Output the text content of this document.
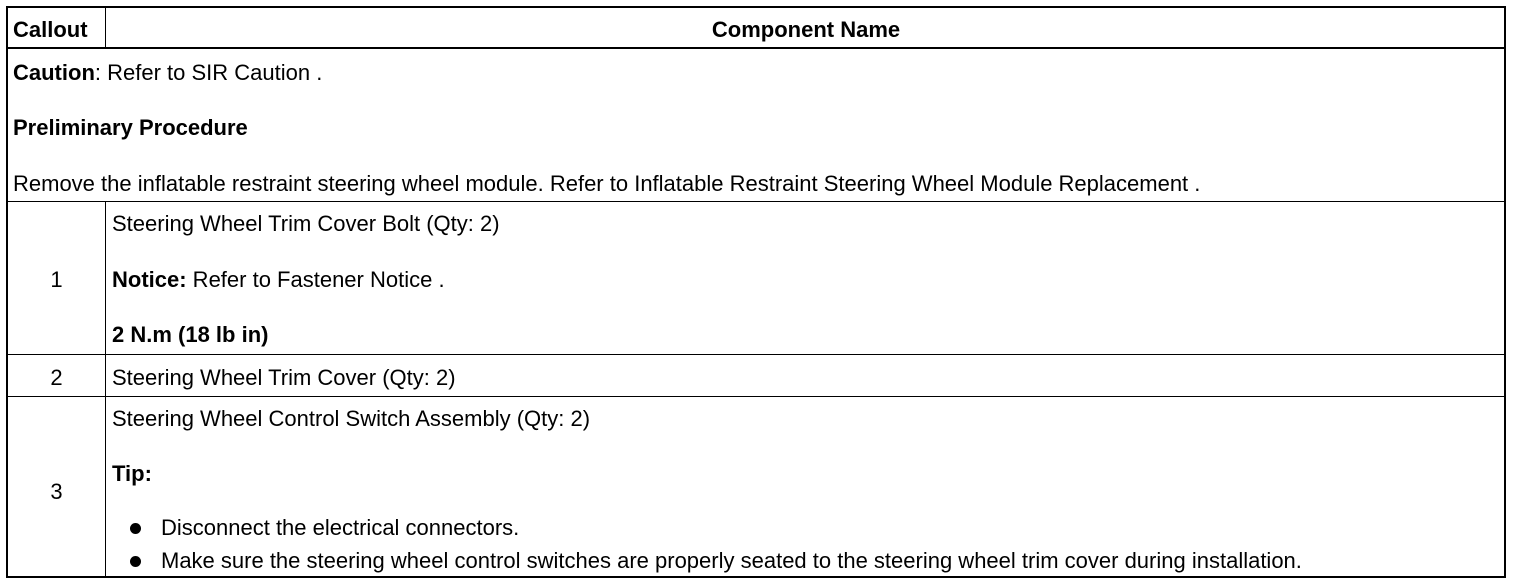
Callout	Component Name
Caution: Refer to SIR Caution .
Preliminary Procedure
Remove the inflatable restraint steering wheel module. Refer to Inflatable Restraint Steering Wheel Module Replacement .
1
Steering Wheel Trim Cover Bolt (Qty: 2)
Notice: Refer to Fastener Notice .
2 N.m (18 lb in)
2	Steering Wheel Trim Cover (Qty: 2)
3
Steering Wheel Control Switch Assembly (Qty: 2)
Tip:
Disconnect the electrical connectors.
Make sure the steering wheel control switches are properly seated to the steering wheel trim cover during installation.
